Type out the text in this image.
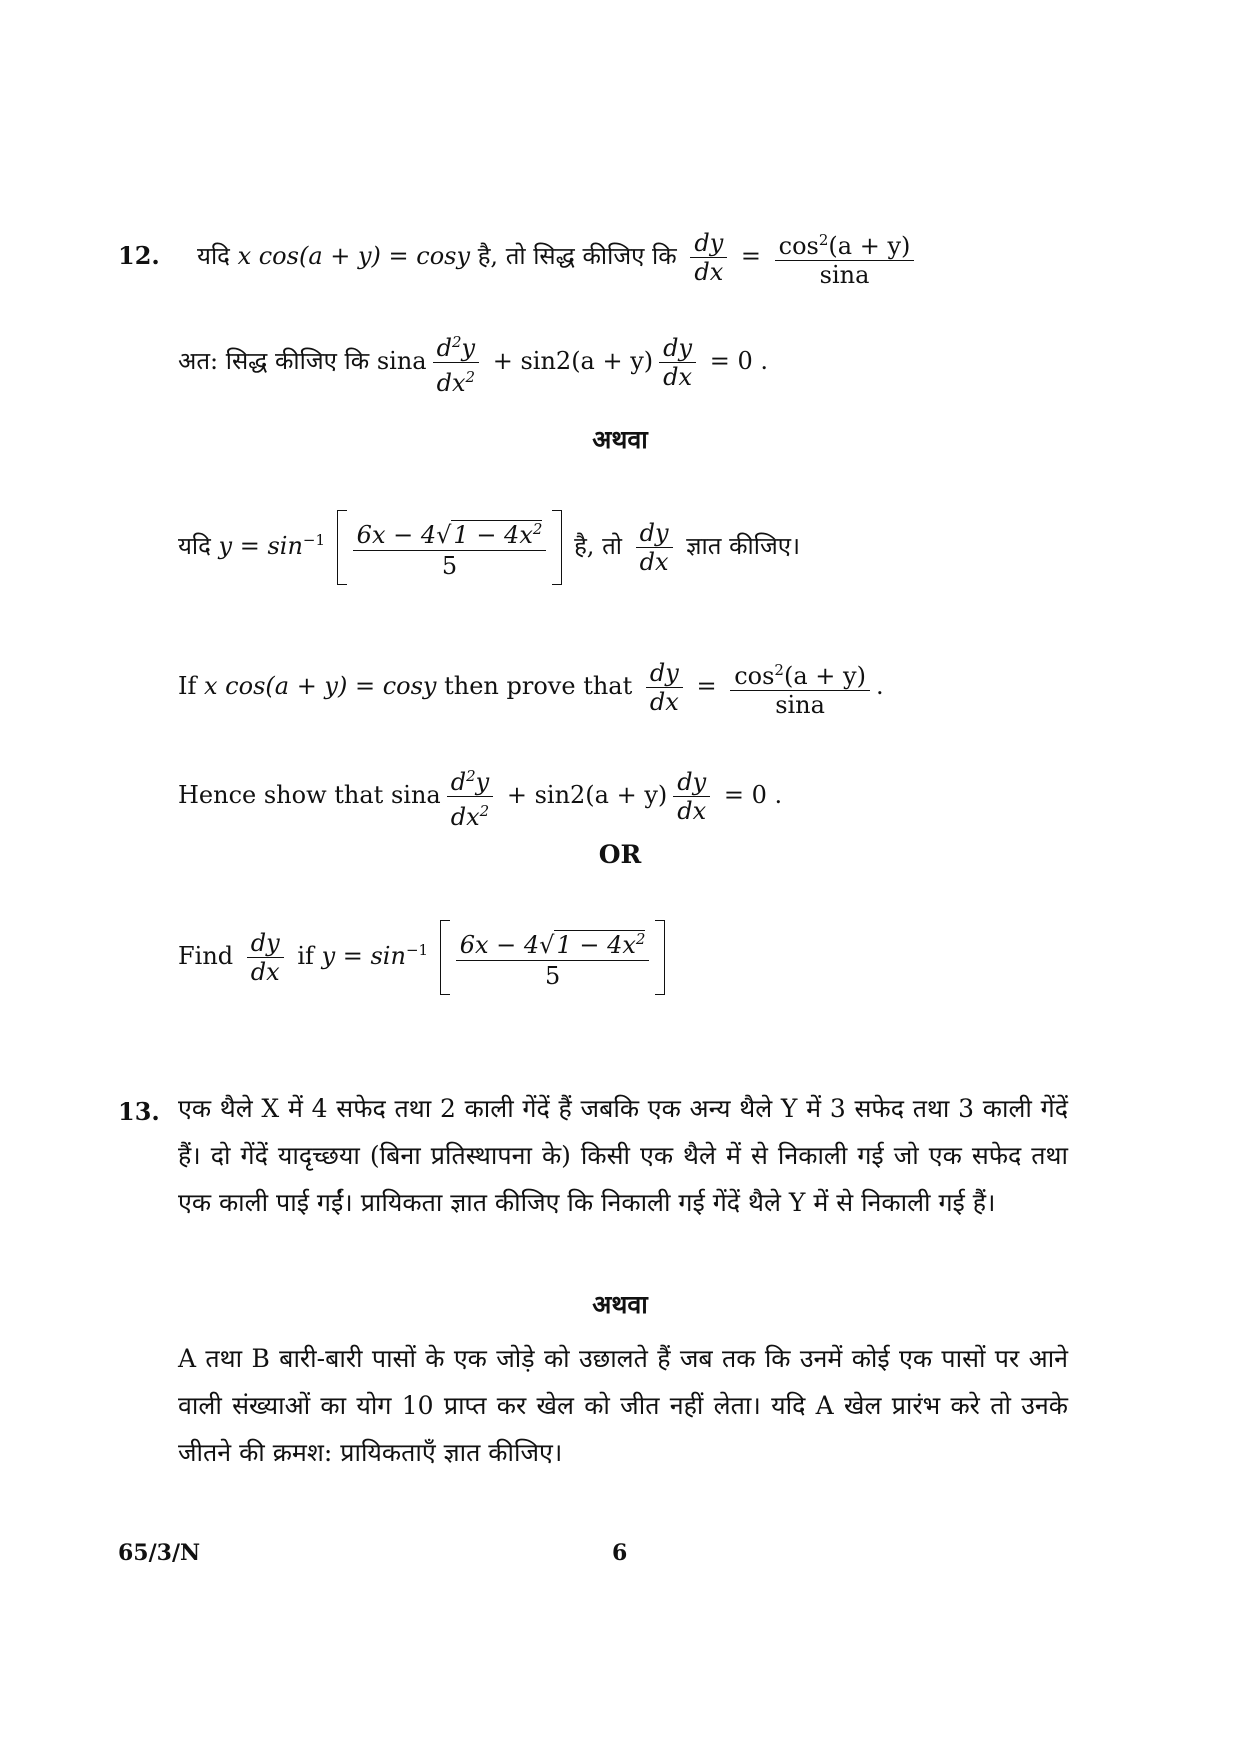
12. यदि x cos(a + y) = cosy है, तो सिद्ध कीजिए कि $\frac{dy}{dx} = \frac{\cos^2(a + y)}{\sin a}$
अत: सिद्ध कीजिए कि sina $\frac{d^2y}{dx^2} + \sin 2(a + y) \frac{dy}{dx} = 0$ .
अथवा
यदि $y = \sin^{-1} \frac{6x - 4√1 - 4x^2}{5}$ है, तो $\frac{dy}{dx}$ ज्ञात कीजिए।
If x cos(a + y) = cosy then prove that $\frac{dy}{dx} = \frac{\cos^2(a + y)}{\sin a}$ .
Hence show that sina $\frac{d^2y}{dx^2} + \sin 2(a + y) \frac{dy}{dx} = 0$ .
OR
Find $\frac{dy}{dx}$ if $y = \sin^{-1} \frac{6x - 4√1 - 4x^2}{5}$
13. एक थैले X में 4 सफेद तथा 2 काली गेंदें हैं जबकि एक अन्य थैले Y में 3 सफेद तथा 3 काली गेंदें हैं। दो गेंदें यादृच्छया (बिना प्रतिस्थापना के) किसी एक थैले में से निकाली गई जो एक सफेद तथा एक काली पाई गईं। प्रायिकता ज्ञात कीजिए कि निकाली गई गेंदें थैले Y में से निकाली गई हैं।
अथवा
A तथा B बारी-बारी पासों के एक जोड़े को उछालते हैं जब तक कि उनमें कोई एक पासों पर आने वाली संख्याओं का योग 10 प्राप्त कर खेल को जीत नहीं लेता। यदि A खेल प्रारंभ करे तो उनके जीतने की क्रमश: प्रायिकताएँ ज्ञात कीजिए।
65/3/N	6
